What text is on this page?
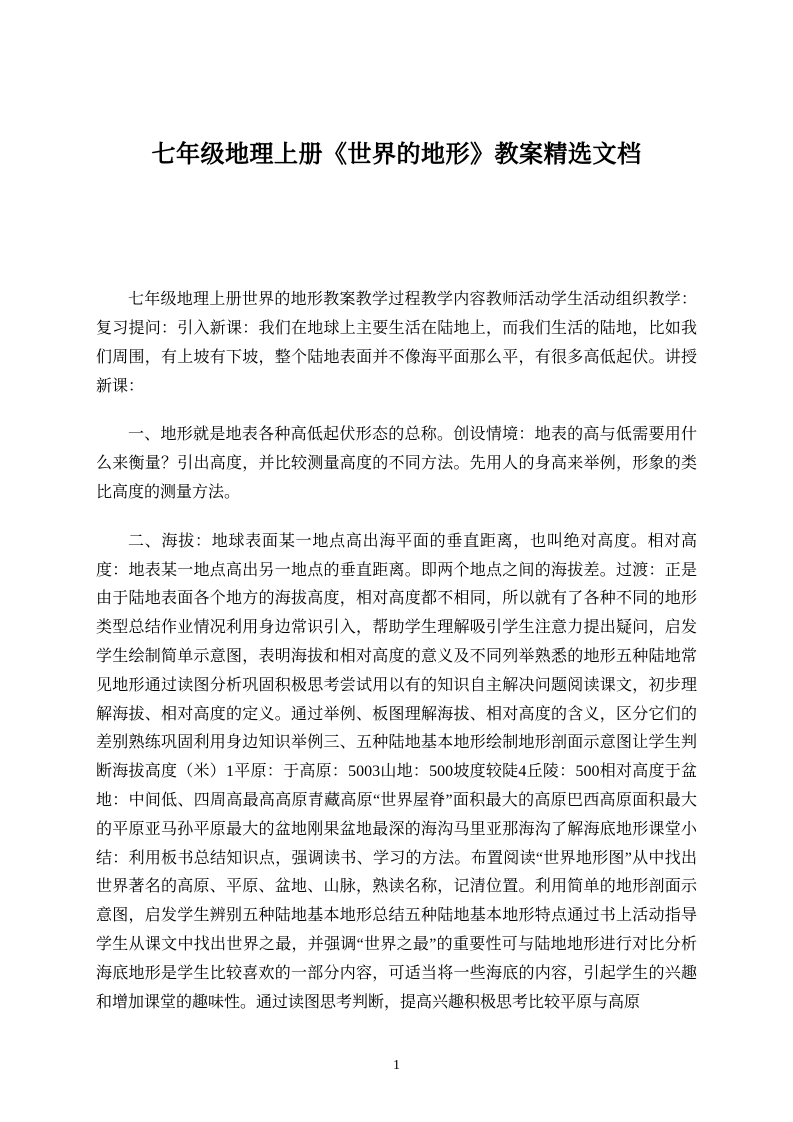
七年级地理上册《世界的地形》教案精选文档

七年级地理上册世界的地形教案教学过程教学内容教师活动学生活动组织教学：复习提问：引入新课：我们在地球上主要生活在陆地上，而我们生活的陆地，比如我们周围，有上坡有下坡，整个陆地表面并不像海平面那么平，有很多高低起伏。讲授新课：

一、地形就是地表各种高低起伏形态的总称。创设情境：地表的高与低需要用什么来衡量？引出高度，并比较测量高度的不同方法。先用人的身高来举例，形象的类比高度的测量方法。

二、海拔：地球表面某一地点高出海平面的垂直距离，也叫绝对高度。相对高度：地表某一地点高出另一地点的垂直距离。即两个地点之间的海拔差。过渡：正是由于陆地表面各个地方的海拔高度，相对高度都不相同，所以就有了各种不同的地形类型总结作业情况利用身边常识引入，帮助学生理解吸引学生注意力提出疑问，启发学生绘制简单示意图，表明海拔和相对高度的意义及不同列举熟悉的地形五种陆地常见地形通过读图分析巩固积极思考尝试用以有的知识自主解决问题阅读课文，初步理解海拔、相对高度的定义。通过举例、板图理解海拔、相对高度的含义，区分它们的差别熟练巩固利用身边知识举例三、五种陆地基本地形绘制地形剖面示意图让学生判断海拔高度（米）1平原：于高原：5003山地：500坡度较陡4丘陵：500相对高度于盆地：中间低、四周高最高高原青藏高原“世界屋脊”面积最大的高原巴西高原面积最大的平原亚马孙平原最大的盆地刚果盆地最深的海沟马里亚那海沟了解海底地形课堂小结：利用板书总结知识点，强调读书、学习的方法。布置阅读“世界地形图”从中找出世界著名的高原、平原、盆地、山脉，熟读名称，记清位置。利用简单的地形剖面示意图，启发学生辨别五种陆地基本地形总结五种陆地基本地形特点通过书上活动指导学生从课文中找出世界之最，并强调“世界之最”的重要性可与陆地地形进行对比分析海底地形是学生比较喜欢的一部分内容，可适当将一些海底的内容，引起学生的兴趣和增加课堂的趣味性。通过读图思考判断，提高兴趣积极思考比较平原与高原

1
